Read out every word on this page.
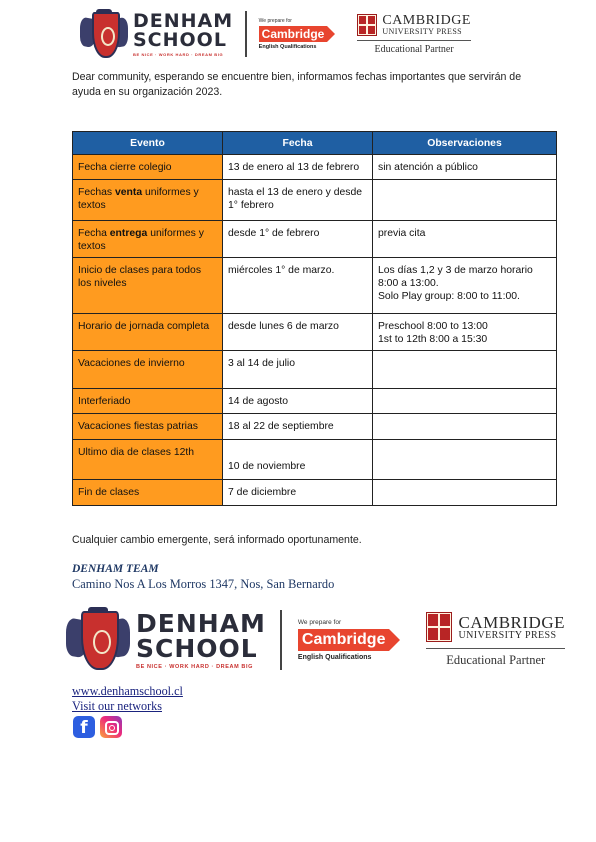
DENHAM
SCHOOL
BE NICE · WORK HARD · DREAM BIG
We prepare for
Cambridge
English Qualifications
CAMBRIDGE
UNIVERSITY PRESS
Educational Partner
Dear community, esperando se encuentre bien, informamos fechas importantes que servirán de ayuda en su organización 2023.
Evento	Fecha	Observaciones
Fecha cierre colegio	13 de enero al 13 de febrero	sin atención a público
Fechas venta uniformes y textos	hasta el 13 de enero y desde 1° febrero	
Fecha entrega uniformes y textos	desde 1° de febrero	previa cita
Inicio de clases para todos los niveles	miércoles 1° de marzo.	Los días 1,2 y 3 de marzo horario 8:00 a 13:00.
Solo Play group: 8:00 to 11:00.

Horario de jornada completa	desde lunes 6 de marzo	Preschool 8:00 to 13:00
1st to 12th 8:00 a 15:30

Vacaciones de invierno	3 al 14 de julio	
Interferiado	14 de agosto	
Vacaciones fiestas patrias	18 al 22 de septiembre	
Ultimo dia de clases 12th	10 de noviembre	
Fin de clases	7 de diciembre	
Cualquier cambio emergente, será informado oportunamente.
DENHAM TEAM
Camino Nos A Los Morros 1347, Nos, San Bernardo
DENHAM
SCHOOL
BE NICE · WORK HARD · DREAM BIG
We prepare for
Cambridge
English Qualifications
CAMBRIDGE
UNIVERSITY PRESS
Educational Partner
www.denhamschool.cl
Visit our networks
f
